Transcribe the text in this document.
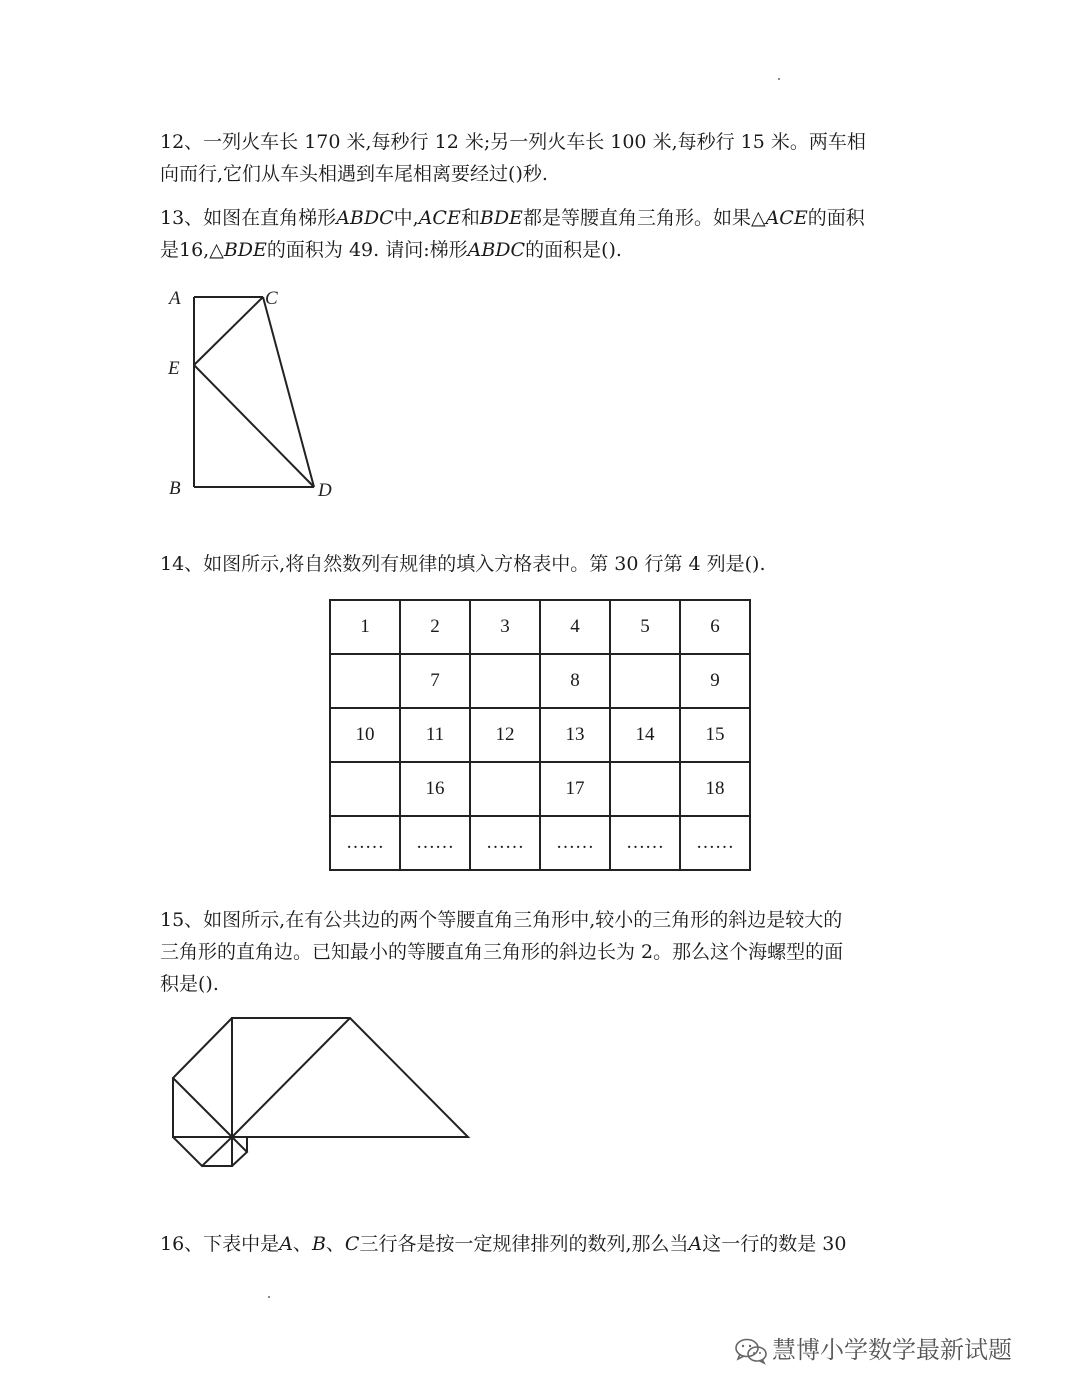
12、一列火车长 170 米,每秒行 12 米;另一列火车长 100 米,每秒行 15 米。两车相
向而行,它们从车头相遇到车尾相离要经过()秒.
13、如图在直角梯形ABDC中,ACE和BDE都是等腰直角三角形。如果△ACE的面积
是16,△BDE的面积为 49. 请问:梯形ABDC的面积是().
A	C
E
B	D
14、如图所示,将自然数列有规律的填入方格表中。第 30 行第 4 列是().
1	2	3	4	5	6
	7		8		9
10	11	12	13	14	15
	16		17		18
……	……	……	……	……	……
15、如图所示,在有公共边的两个等腰直角三角形中,较小的三角形的斜边是较大的
三角形的直角边。已知最小的等腰直角三角形的斜边长为 2。那么这个海螺型的面
积是().
16、下表中是A、B、C三行各是按一定规律排列的数列,那么当A这一行的数是 30
慧博小学数学最新试题
